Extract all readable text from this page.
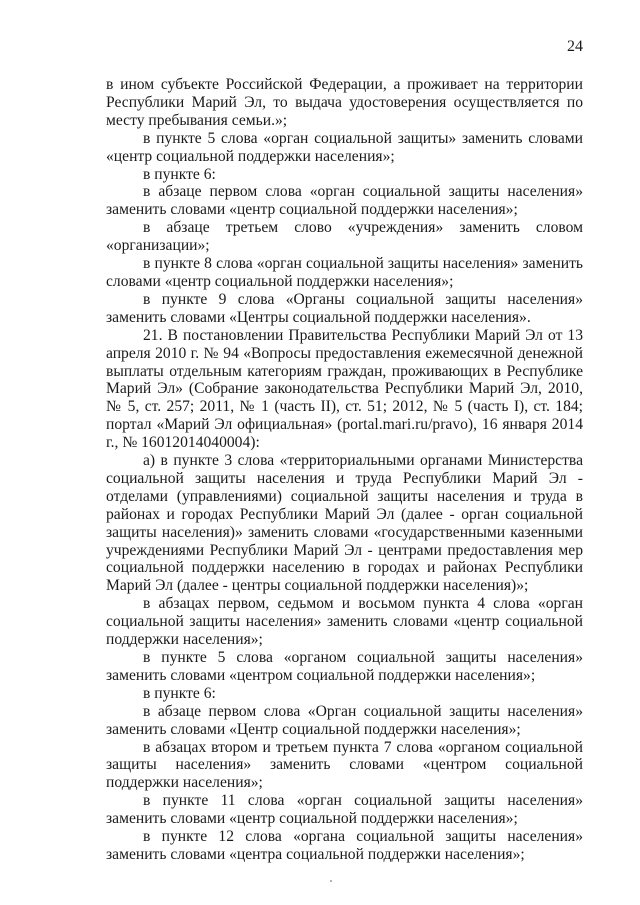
24

в ином субъекте Российской Федерации, а проживает на территории Республики Марий Эл, то выдача удостоверения осуществляется по месту пребывания семьи.»;

в пункте 5 слова «орган социальной защиты» заменить словами «центр социальной поддержки населения»;

в пункте 6:

в абзаце первом слова «орган социальной защиты населения» заменить словами «центр социальной поддержки населения»;

в абзаце третьем слово «учреждения» заменить словом «организации»;

в пункте 8 слова «орган социальной защиты населения» заменить словами «центр социальной поддержки населения»;

в пункте 9 слова «Органы социальной защиты населения» заменить словами «Центры социальной поддержки населения».

21. В постановлении Правительства Республики Марий Эл от 13 апреля 2010 г. № 94 «Вопросы предоставления ежемесячной денежной выплаты отдельным категориям граждан, проживающих в Республике Марий Эл» (Собрание законодательства Республики Марий Эл, 2010, № 5, ст. 257; 2011, № 1 (часть II), ст. 51; 2012, № 5 (часть I), ст. 184; портал «Марий Эл официальная» (portal.mari.ru/pravo), 16 января 2014 г., № 16012014040004):

а) в пункте 3 слова «территориальными органами Министерства социальной защиты населения и труда Республики Марий Эл - отделами (управлениями) социальной защиты населения и труда в районах и городах Республики Марий Эл (далее - орган социальной защиты населения)» заменить словами «государственными казенными учреждениями Республики Марий Эл - центрами предоставления мер социальной поддержки населению в городах и районах Республики Марий Эл (далее - центры социальной поддержки населения)»;

в абзацах первом, седьмом и восьмом пункта 4 слова «орган социальной защиты населения» заменить словами «центр социальной поддержки населения»;

в пункте 5 слова «органом социальной защиты населения» заменить словами «центром социальной поддержки населения»;

в пункте 6:

в абзаце первом слова «Орган социальной защиты населения» заменить словами «Центр социальной поддержки населения»;

в абзацах втором и третьем пункта 7 слова «органом социальной защиты населения» заменить словами «центром социальной поддержки населения»;

в пункте 11 слова «орган социальной защиты населения» заменить словами «центр социальной поддержки населения»;

в пункте 12 слова «органа социальной защиты населения» заменить словами «центра социальной поддержки населения»;
